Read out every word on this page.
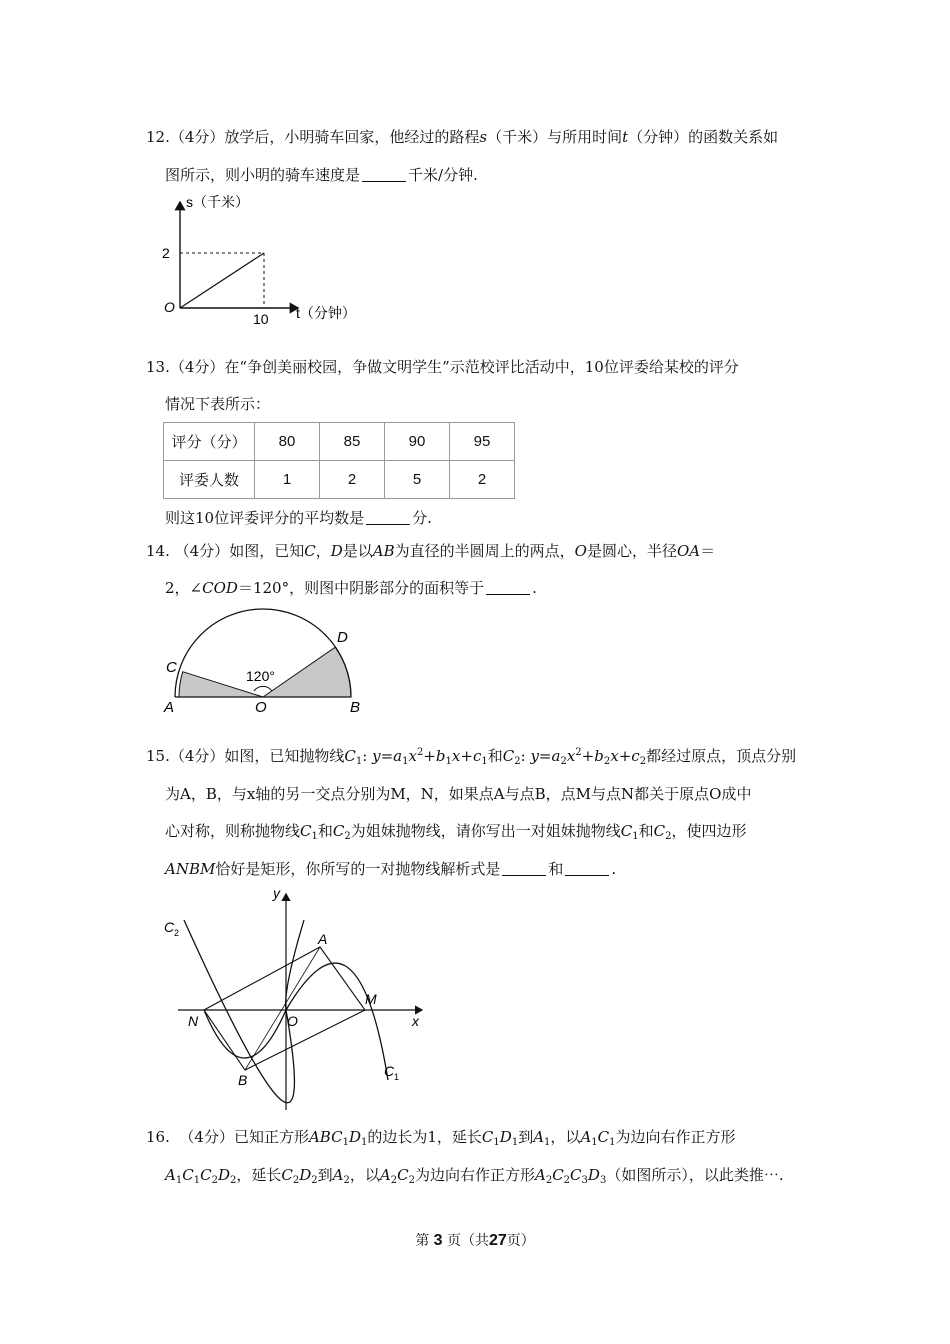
12.（4分）放学后，小明骑车回家，他经过的路程s（千米）与所用时间t（分钟）的函数关系如
图所示，则小明的骑车速度是	千米/分钟.
s（千米）
t（分钟）
2
10
O
13.（4分）在“争创美丽校园，争做文明学生”示范校评比活动中，10位评委给某校的评分
情况下表所示：
评分（分）	80	85	90	95
评委人数	1	2	5	2
则这10位评委评分的平均数是	分.
14. （4分）如图，已知C，D是以AB为直径的半圆周上的两点，O是圆心，半径OA＝
2，∠COD＝120°，则图中阴影部分的面积等于	.
C
D
A	B
O
120°
15.（4分）如图，已知抛物线$C_1$: $y=a_1x^2+b_1x+c_1$和$C_2$: $y=a_2x^2+b_2x+c_2$都经过原点，顶点分别
为A，B，与x轴的另一交点分别为M，N，如果点A与点B，点M与点N都关于原点O成中
心对称，则称抛物线$C_1$和$C_2$为姐妹抛物线，请你写出一对姐妹抛物线$C_1$和$C_2$，使四边形
ANBM恰好是矩形，你所写的一对抛物线解析式是	和	.
C 2
C 1
A
B
M
N	O	x
y
16. （4分）已知正方形$ABC_1D_1$的边长为1，延长$C_1D_1$到$A_1$，以$A_1C_1$为边向右作正方形
$A_1C_1C_2D_2$，延长$C_2D_2$到$A_2$，以$A_2C_2$为边向右作正方形$A_2C_2C_3D_3$（如图所示），以此类推⋯.
第 3 页（共27页）
